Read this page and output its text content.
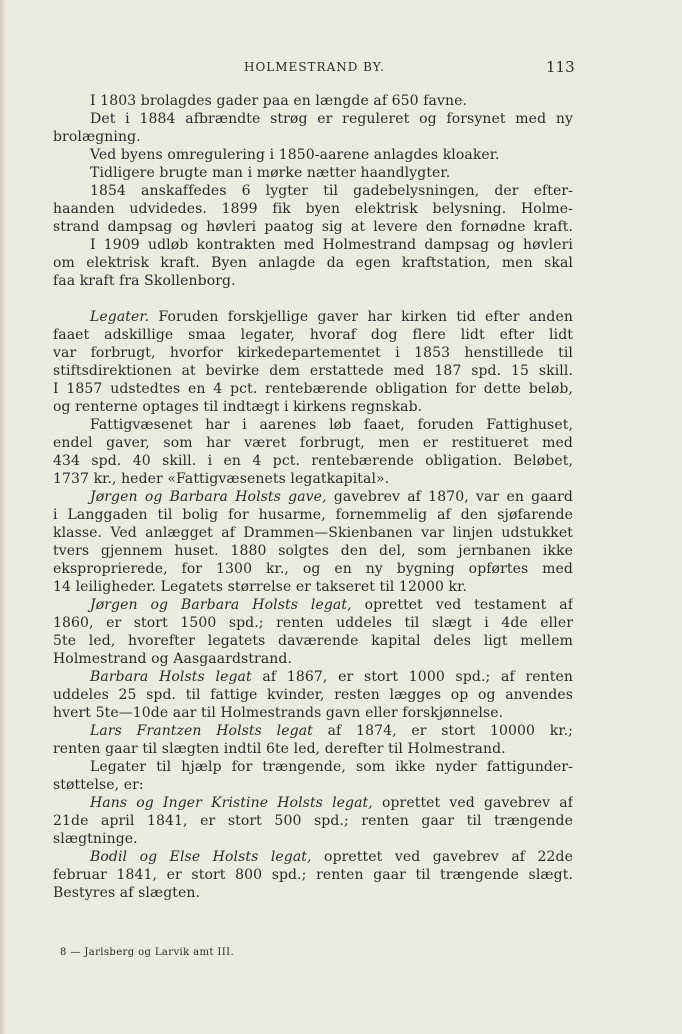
HOLMESTRAND BY.	113
I 1803 brolagdes gader paa en længde af 650 favne.
Det i 1884 afbrændte strøg er reguleret og forsynet med ny
brolægning.
Ved byens omregulering i 1850-aarene anlagdes kloaker.
Tidligere brugte man i mørke nætter haandlygter.
1854 anskaffedes 6 lygter til gadebelysningen, der efter-
haanden udvidedes. 1899 fik byen elektrisk belysning. Holme-
strand dampsag og høvleri paatog sig at levere den fornødne kraft.
I 1909 udløb kontrakten med Holmestrand dampsag og høvleri
om elektrisk kraft. Byen anlagde da egen kraftstation, men skal
faa kraft fra Skollenborg.
Legater. Foruden forskjellige gaver har kirken tid efter anden
faaet adskillige smaa legater, hvoraf dog flere lidt efter lidt
var forbrugt, hvorfor kirkedepartementet i 1853 henstillede til
stiftsdirektionen at bevirke dem erstattede med 187 spd. 15 skill.
I 1857 udstedtes en 4 pct. rentebærende obligation for dette beløb,
og renterne optages til indtægt i kirkens regnskab.
Fattigvæsenet har i aarenes løb faaet, foruden Fattighuset,
endel gaver, som har været forbrugt, men er restitueret med
434 spd. 40 skill. i en 4 pct. rentebærende obligation. Beløbet,
1737 kr., heder «Fattigvæsenets legatkapital».
Jørgen og Barbara Holsts gave, gavebrev af 1870, var en gaard
i Langgaden til bolig for husarme, fornemmelig af den sjøfarende
klasse. Ved anlægget af Drammen—Skienbanen var linjen udstukket
tvers gjennem huset. 1880 solgtes den del, som jernbanen ikke
eksproprierede, for 1300 kr., og en ny bygning opførtes med
14 leiligheder. Legatets størrelse er takseret til 12000 kr.
Jørgen og Barbara Holsts legat, oprettet ved testament af
1860, er stort 1500 spd.; renten uddeles til slægt i 4de eller
5te led, hvorefter legatets daværende kapital deles ligt mellem
Holmestrand og Aasgaardstrand.
Barbara Holsts legat af 1867, er stort 1000 spd.; af renten
uddeles 25 spd. til fattige kvinder, resten lægges op og anvendes
hvert 5te—10de aar til Holmestrands gavn eller forskjønnelse.
Lars Frantzen Holsts legat af 1874, er stort 10000 kr.;
renten gaar til slægten indtil 6te led, derefter til Holmestrand.
Legater til hjælp for trængende, som ikke nyder fattigunder-
støttelse, er:
Hans og Inger Kristine Holsts legat, oprettet ved gavebrev af
21de april 1841, er stort 500 spd.; renten gaar til trængende
slægtninge.
Bodil og Else Holsts legat, oprettet ved gavebrev af 22de
februar 1841, er stort 800 spd.; renten gaar til trængende slægt.
Bestyres af slægten.
8 — Jarlsberg og Larvik amt III.
